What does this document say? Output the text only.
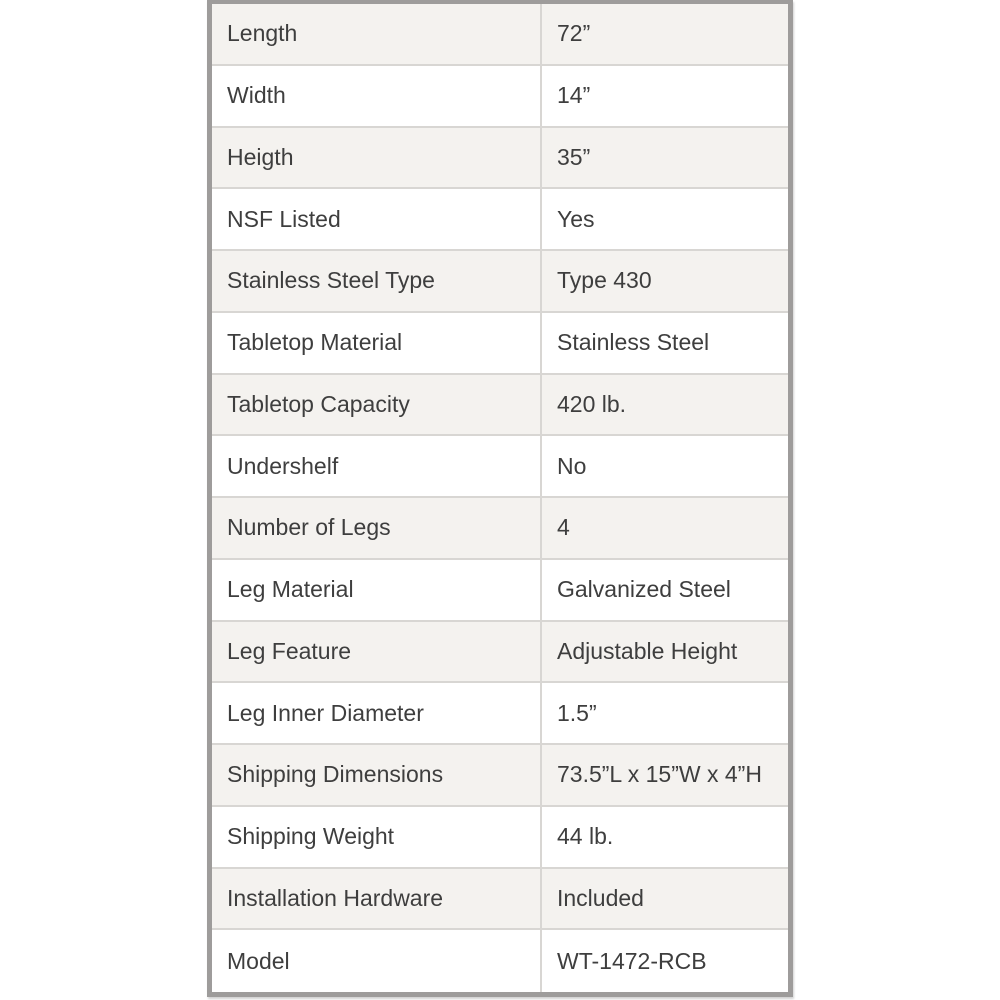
Length	72”
Width	14”
Heigth	35”
NSF Listed	Yes
Stainless Steel Type	Type 430
Tabletop Material	Stainless Steel
Tabletop Capacity	420 lb.
Undershelf	No
Number of Legs	4
Leg Material	Galvanized Steel
Leg Feature	Adjustable Height
Leg Inner Diameter	1.5”
Shipping Dimensions	73.5”L x 15”W x 4”H
Shipping Weight	44 lb.
Installation Hardware	Included
Model	WT-1472-RCB
